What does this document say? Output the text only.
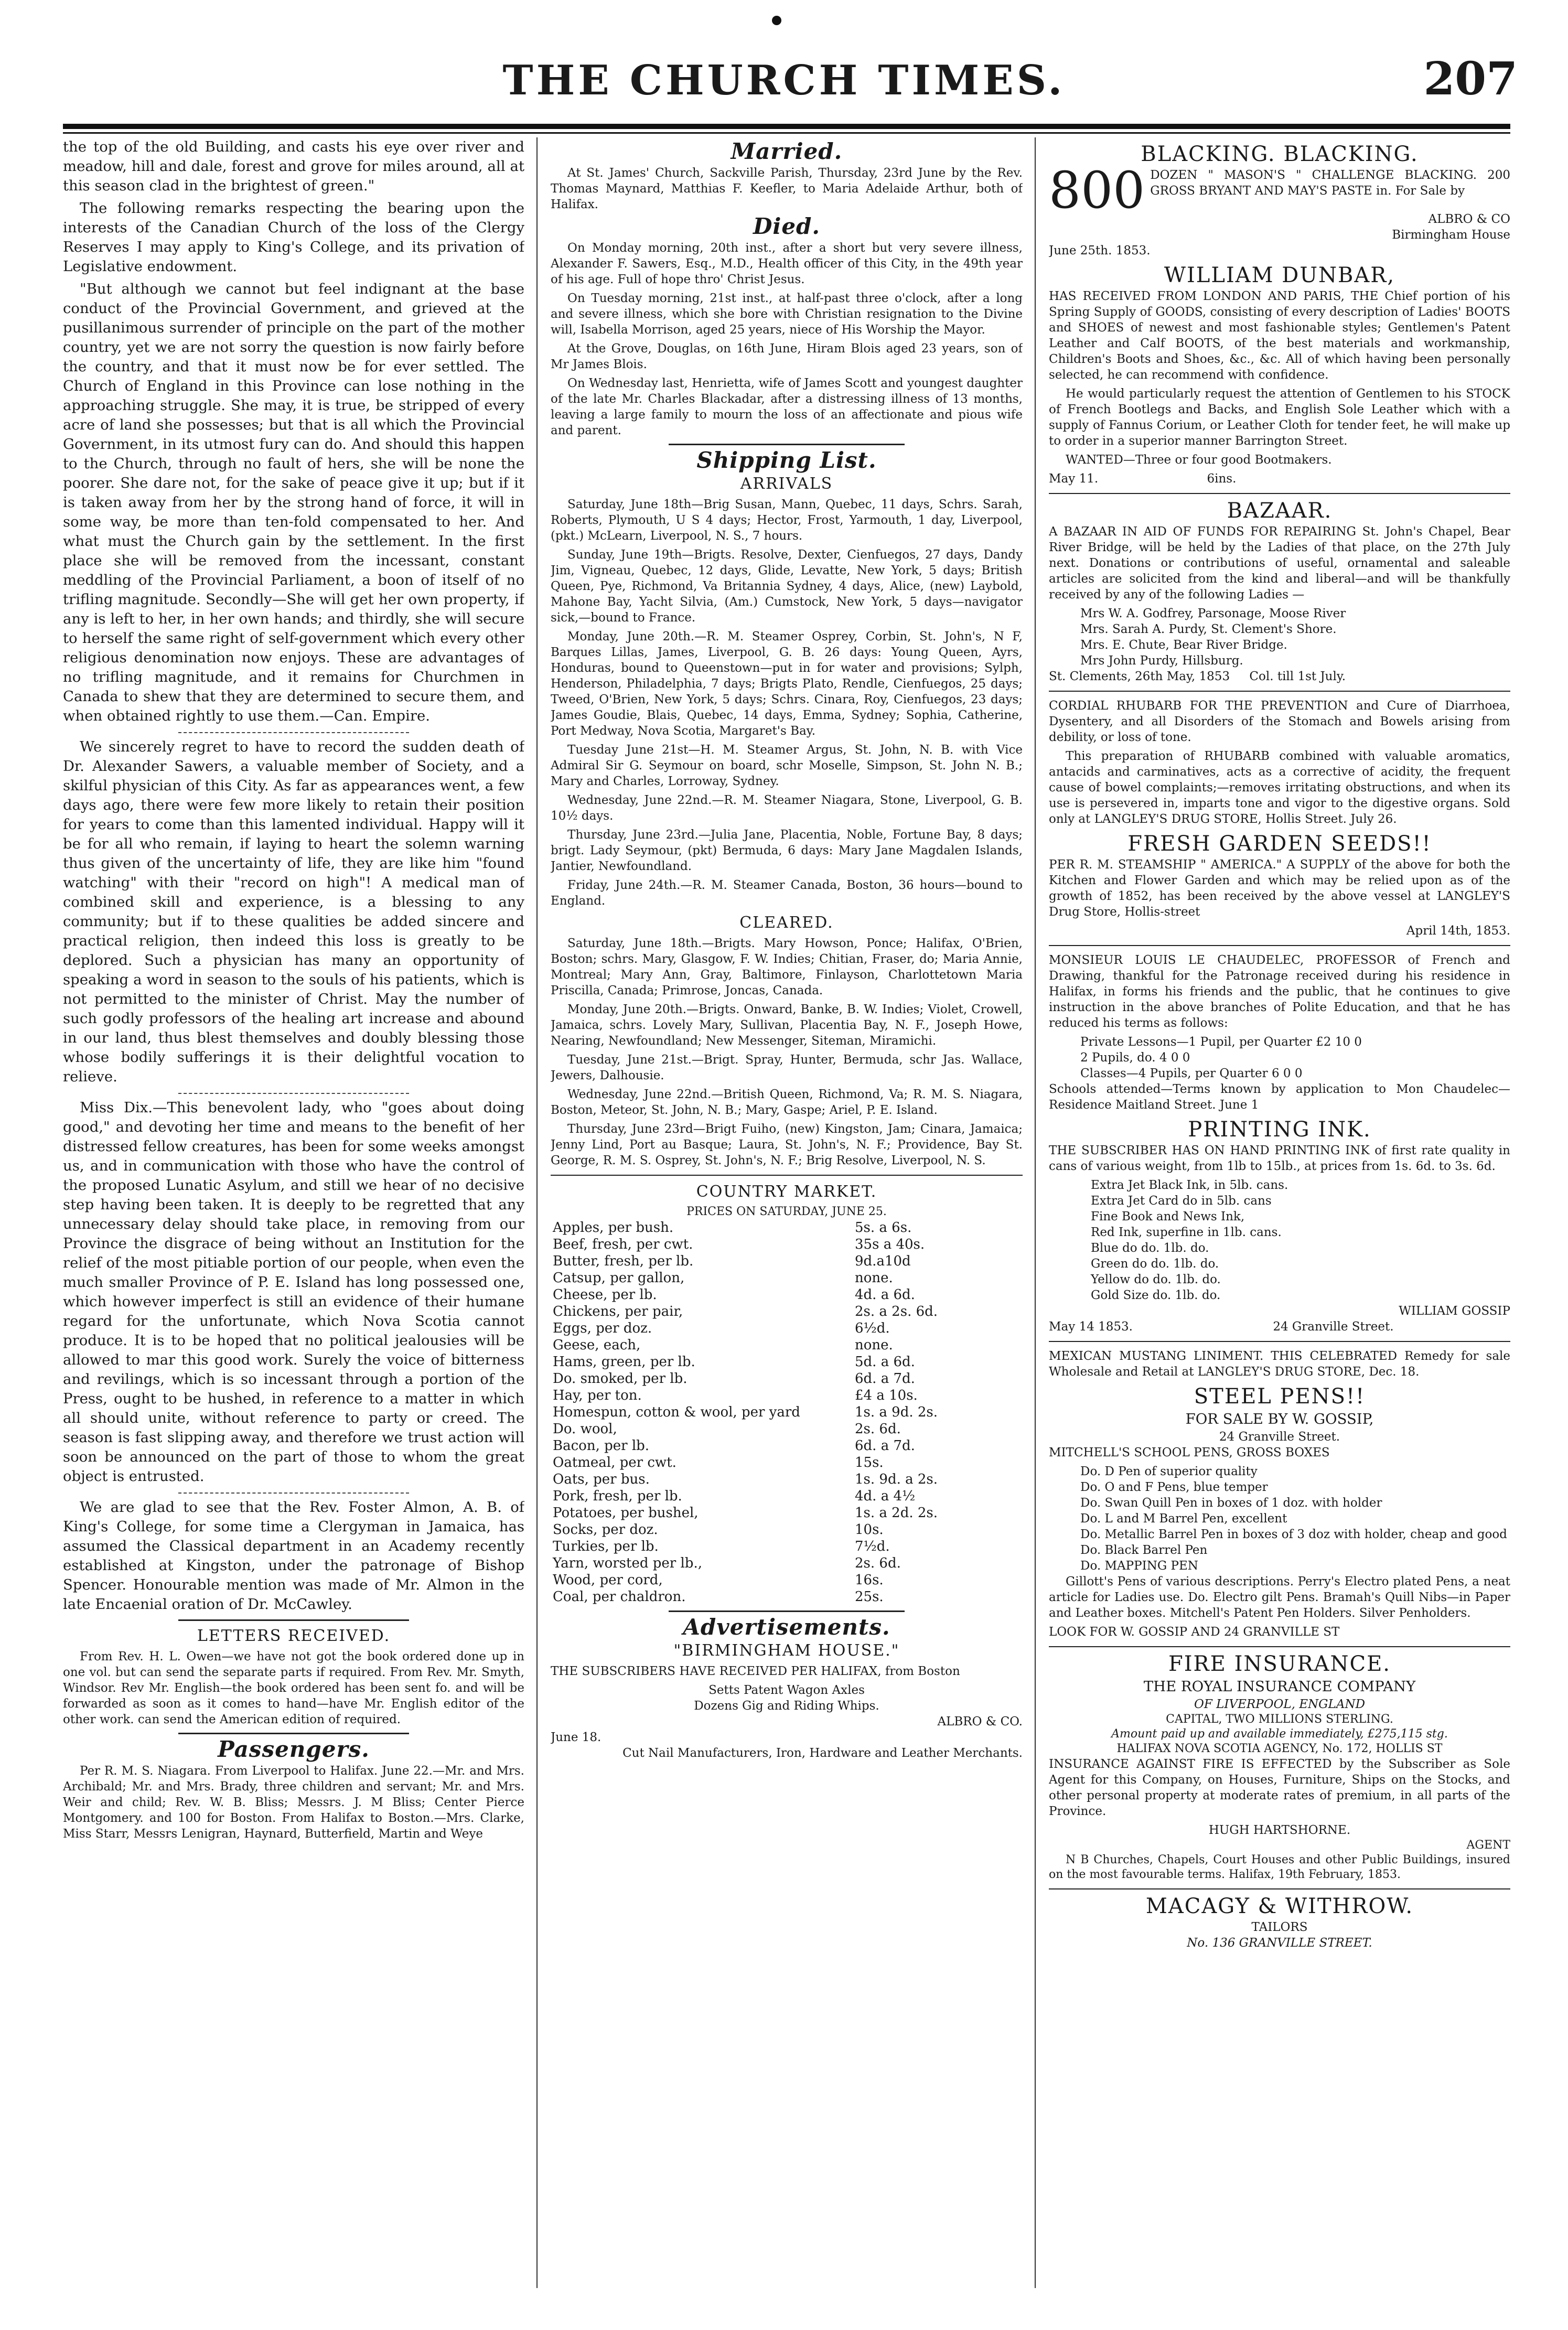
THE CHURCH TIMES.	207

the top of the old Building, and casts his eye over river and meadow, hill and dale, forest and grove for miles around, all at this season clad in the brightest of green."

The following remarks respecting the bearing upon the interests of the Canadian Church of the loss of the Clergy Reserves I may apply to King's College, and its privation of Legislative endowment.

"But although we cannot but feel indignant at the base conduct of the Provincial Government, and grieved at the pusillanimous surrender of principle on the part of the mother country, yet we are not sorry the question is now fairly before the country, and that it must now be for ever settled. The Church of England in this Province can lose nothing in the approaching struggle. She may, it is true, be stripped of every acre of land she possesses; but that is all which the Provincial Government, in its utmost fury can do. And should this happen to the Church, through no fault of hers, she will be none the poorer. She dare not, for the sake of peace give it up; but if it is taken away from her by the strong hand of force, it will in some way, be more than ten-fold compensated to her. And what must the Church gain by the settlement. In the first place she will be removed from the incessant, constant meddling of the Provincial Parliament, a boon of itself of no trifling magnitude. Secondly—She will get her own property, if any is left to her, in her own hands; and thirdly, she will secure to herself the same right of self-government which every other religious denomination now enjoys. These are advantages of no trifling magnitude, and it remains for Churchmen in Canada to shew that they are determined to secure them, and when obtained rightly to use them.—Can. Empire.

We sincerely regret to have to record the sudden death of Dr. Alexander Sawers, a valuable member of Society, and a skilful physician of this City. As far as appearances went, a few days ago, there were few more likely to retain their position for years to come than this lamented individual. Happy will it be for all who remain, if laying to heart the solemn warning thus given of the uncertainty of life, they are like him "found watching" with their "record on high"! A medical man of combined skill and experience, is a blessing to any community; but if to these qualities be added sincere and practical religion, then indeed this loss is greatly to be deplored. Such a physician has many an opportunity of speaking a word in season to the souls of his patients, which is not permitted to the minister of Christ. May the number of such godly professors of the healing art increase and abound in our land, thus blest themselves and doubly blessing those whose bodily sufferings it is their delightful vocation to relieve.

Miss Dix.—This benevolent lady, who "goes about doing good," and devoting her time and means to the benefit of her distressed fellow creatures, has been for some weeks amongst us, and in communication with those who have the control of the proposed Lunatic Asylum, and still we hear of no decisive step having been taken. It is deeply to be regretted that any unnecessary delay should take place, in removing from our Province the disgrace of being without an Institution for the relief of the most pitiable portion of our people, when even the much smaller Province of P. E. Island has long possessed one, which however imperfect is still an evidence of their humane regard for the unfortunate, which Nova Scotia cannot produce. It is to be hoped that no political jealousies will be allowed to mar this good work. Surely the voice of bitterness and revilings, which is so incessant through a portion of the Press, ought to be hushed, in reference to a matter in which all should unite, without reference to party or creed. The season is fast slipping away, and therefore we trust action will soon be announced on the part of those to whom the great object is entrusted.

We are glad to see that the Rev. Foster Almon, A. B. of King's College, for some time a Clergyman in Jamaica, has assumed the Classical department in an Academy recently established at Kingston, under the patronage of Bishop Spencer. Honourable mention was made of Mr. Almon in the late Encaenial oration of Dr. McCawley.

LETTERS RECEIVED.

From Rev. H. L. Owen—we have not got the book ordered done up in one vol. but can send the separate parts if required. From Rev. Mr. Smyth, Windsor. Rev Mr. English—the book ordered has been sent fo. and will be forwarded as soon as it comes to hand—have Mr. English editor of the other work. can send the American edition of required.

Passengers.

Per R. M. S. Niagara. From Liverpool to Halifax. June 22.—Mr. and Mrs. Archibald; Mr. and Mrs. Brady, three children and servant; Mr. and Mrs. Weir and child; Rev. W. B. Bliss; Messrs. J. M Bliss; Center Pierce Montgomery. and 100 for Boston. From Halifax to Boston.—Mrs. Clarke, Miss Starr, Messrs Lenigran, Haynard, Butterfield, Martin and Weye

Married.

At St. James' Church, Sackville Parish, Thursday, 23rd June by the Rev. Thomas Maynard, Matthias F. Keefler, to Maria Adelaide Arthur, both of Halifax.

Died.

On Monday morning, 20th inst., after a short but very severe illness, Alexander F. Sawers, Esq., M.D., Health officer of this City, in the 49th year of his age. Full of hope thro' Christ Jesus.

On Tuesday morning, 21st inst., at half-past three o'clock, after a long and severe illness, which she bore with Christian resignation to the Divine will, Isabella Morrison, aged 25 years, niece of His Worship the Mayor.

At the Grove, Douglas, on 16th June, Hiram Blois aged 23 years, son of Mr James Blois.

On Wednesday last, Henrietta, wife of James Scott and youngest daughter of the late Mr. Charles Blackadar, after a distressing illness of 13 months, leaving a large family to mourn the loss of an affectionate and pious wife and parent.

Shipping List.
ARRIVALS

Saturday, June 18th—Brig Susan, Mann, Quebec, 11 days, Schrs. Sarah, Roberts, Plymouth, U S 4 days; Hector, Frost, Yarmouth, 1 day, Liverpool, (pkt.) McLearn, Liverpool, N. S., 7 hours.

Sunday, June 19th—Brigts. Resolve, Dexter, Cienfuegos, 27 days, Dandy Jim, Vigneau, Quebec, 12 days, Glide, Levatte, New York, 5 days; British Queen, Pye, Richmond, Va Britannia Sydney, 4 days, Alice, (new) Laybold, Mahone Bay, Yacht Silvia, (Am.) Cumstock, New York, 5 days—navigator sick,—bound to France.

Monday, June 20th.—R. M. Steamer Osprey, Corbin, St. John's, N F, Barques Lillas, James, Liverpool, G. B. 26 days: Young Queen, Ayrs, Honduras, bound to Queenstown—put in for water and provisions; Sylph, Henderson, Philadelphia, 7 days; Brigts Plato, Rendle, Cienfuegos, 25 days; Tweed, O'Brien, New York, 5 days; Schrs. Cinara, Roy, Cienfuegos, 23 days; James Goudie, Blais, Quebec, 14 days, Emma, Sydney; Sophia, Catherine, Port Medway, Nova Scotia, Margaret's Bay.

Tuesday June 21st—H. M. Steamer Argus, St. John, N. B. with Vice Admiral Sir G. Seymour on board, schr Moselle, Simpson, St. John N. B.; Mary and Charles, Lorroway, Sydney.

Wednesday, June 22nd.—R. M. Steamer Niagara, Stone, Liverpool, G. B. 10½ days.

Thursday, June 23rd.—Julia Jane, Placentia, Noble, Fortune Bay, 8 days; brigt. Lady Seymour, (pkt) Bermuda, 6 days: Mary Jane Magdalen Islands, Jantier, Newfoundland.

Friday, June 24th.—R. M. Steamer Canada, Boston, 36 hours—bound to England.

CLEARED.

Saturday, June 18th.—Brigts. Mary Howson, Ponce; Halifax, O'Brien, Boston; schrs. Mary, Glasgow, F. W. Indies; Chitian, Fraser, do; Maria Annie, Montreal; Mary Ann, Gray, Baltimore, Finlayson, Charlottetown Maria Priscilla, Canada; Primrose, Joncas, Canada.

Monday, June 20th.—Brigts. Onward, Banke, B. W. Indies; Violet, Crowell, Jamaica, schrs. Lovely Mary, Sullivan, Placentia Bay, N. F., Joseph Howe, Nearing, Newfoundland; New Messenger, Siteman, Miramichi.

Tuesday, June 21st.—Brigt. Spray, Hunter, Bermuda, schr Jas. Wallace, Jewers, Dalhousie.

Wednesday, June 22nd.—British Queen, Richmond, Va; R. M. S. Niagara, Boston, Meteor, St. John, N. B.; Mary, Gaspe; Ariel, P. E. Island.

Thursday, June 23rd—Brigt Fuiho, (new) Kingston, Jam; Cinara, Jamaica; Jenny Lind, Port au Basque; Laura, St. John's, N. F.; Providence, Bay St. George, R. M. S. Osprey, St. John's, N. F.; Brig Resolve, Liverpool, N. S.

COUNTRY MARKET.
PRICES ON SATURDAY, JUNE 25.
Apples, per bush.	5s. a 6s.
Beef, fresh, per cwt.	35s a 40s.
Butter, fresh, per lb.	9d.a10d
Catsup, per gallon,	none.
Cheese, per lb.	4d. a 6d.
Chickens, per pair,	2s. a 2s. 6d.
Eggs, per doz.	6½d.
Geese, each,	none.
Hams, green, per lb.	5d. a 6d.
Do. smoked, per lb.	6d. a 7d.
Hay, per ton.	£4 a 10s.
Homespun, cotton & wool, per yard	1s. a 9d. 2s.
Do. wool,	2s. 6d.
Bacon, per lb.	6d. a 7d.
Oatmeal, per cwt.	15s.
Oats, per bus.	1s. 9d. a 2s.
Pork, fresh, per lb.	4d. a 4½
Potatoes, per bushel,	1s. a 2d. 2s.
Socks, per doz.	10s.
Turkies, per lb.	7½d.
Yarn, worsted per lb.,	2s. 6d.
Wood, per cord,	16s.
Coal, per chaldron.	25s.
Advertisements.
"BIRMINGHAM HOUSE."

THE SUBSCRIBERS HAVE RECEIVED PER HALIFAX, from Boston

Setts Patent Wagon Axles
Dozens Gig and Riding Whips.
ALBRO & CO.
June 18.
Cut Nail Manufacturers, Iron, Hardware and Leather Merchants.
BLACKING. BLACKING.
800 DOZEN " MASON'S " CHALLENGE BLACKING. 200 GROSS BRYANT AND MAY'S PASTE in. For Sale by

ALBRO & CO
Birmingham House
June 25th. 1853.
WILLIAM DUNBAR,

HAS RECEIVED FROM LONDON AND PARIS, THE Chief portion of his Spring Supply of GOODS, consisting of every description of Ladies' BOOTS and SHOES of newest and most fashionable styles; Gentlemen's Patent Leather and Calf BOOTS, of the best materials and workmanship, Children's Boots and Shoes, &c., &c. All of which having been personally selected, he can recommend with confidence.

He would particularly request the attention of Gentlemen to his STOCK of French Bootlegs and Backs, and English Sole Leather which with a supply of Fannus Corium, or Leather Cloth for tender feet, he will make up to order in a superior manner Barrington Street.

WANTED—Three or four good Bootmakers.

May 11.	6ins.
BAZAAR.

A BAZAAR IN AID OF FUNDS FOR REPAIRING St. John's Chapel, Bear River Bridge, will be held by the Ladies of that place, on the 27th July next. Donations or contributions of useful, ornamental and saleable articles are solicited from the kind and liberal—and will be thankfully received by any of the following Ladies —

Mrs W. A. Godfrey, Parsonage, Moose River
Mrs. Sarah A. Purdy, St. Clement's Shore.
Mrs. E. Chute, Bear River Bridge.
Mrs John Purdy, Hillsburg.
St. Clements, 26th May, 1853 Col. till 1st July.

CORDIAL RHUBARB FOR THE PREVENTION and Cure of Diarrhoea, Dysentery, and all Disorders of the Stomach and Bowels arising from debility, or loss of tone.

This preparation of RHUBARB combined with valuable aromatics, antacids and carminatives, acts as a corrective of acidity, the frequent cause of bowel complaints;—removes irritating obstructions, and when its use is persevered in, imparts tone and vigor to the digestive organs. Sold only at LANGLEY'S DRUG STORE, Hollis Street. July 26.

FRESH GARDEN SEEDS!!

PER R. M. STEAMSHIP " AMERICA." A SUPPLY of the above for both the Kitchen and Flower Garden and which may be relied upon as of the growth of 1852, has been received by the above vessel at LANGLEY'S Drug Store, Hollis-street

April 14th, 1853.

MONSIEUR LOUIS LE CHAUDELEC, PROFESSOR of French and Drawing, thankful for the Patronage received during his residence in Halifax, in forms his friends and the public, that he continues to give instruction in the above branches of Polite Education, and that he has reduced his terms as follows:

Private Lessons—1 Pupil, per Quarter £2 10 0
2 Pupils, do. 4 0 0
Classes—4 Pupils, per Quarter 6 0 0

Schools attended—Terms known by application to Mon Chaudelec—Residence Maitland Street. June 1

PRINTING INK.

THE SUBSCRIBER HAS ON HAND PRINTING INK of first rate quality in cans of various weight, from 1lb to 15lb., at prices from 1s. 6d. to 3s. 6d.

Extra Jet Black Ink, in 5lb. cans.
Extra Jet Card do in 5lb. cans
Fine Book and News Ink,
Red Ink, superfine in 1lb. cans.
Blue do do. 1lb. do.
Green do do. 1lb. do.
Yellow do do. 1lb. do.
Gold Size do. 1lb. do.
WILLIAM GOSSIP
May 14 1853.	24 Granville Street.

MEXICAN MUSTANG LINIMENT. THIS CELEBRATED Remedy for sale Wholesale and Retail at LANGLEY'S DRUG STORE, Dec. 18.

STEEL PENS!!
FOR SALE BY W. GOSSIP,
24 Granville Street.

MITCHELL'S SCHOOL PENS, GROSS BOXES

Do. D Pen of superior quality
Do. O and F Pens, blue temper
Do. Swan Quill Pen in boxes of 1 doz. with holder
Do. L and M Barrel Pen, excellent
Do. Metallic Barrel Pen in boxes of 3 doz with holder, cheap and good
Do. Black Barrel Pen
Do. MAPPING PEN

Gillott's Pens of various descriptions. Perry's Electro plated Pens, a neat article for Ladies use. Do. Electro gilt Pens. Bramah's Quill Nibs—in Paper and Leather boxes. Mitchell's Patent Pen Holders. Silver Penholders.

LOOK FOR W. GOSSIP AND 24 GRANVILLE ST
FIRE INSURANCE.
THE ROYAL INSURANCE COMPANY
OF LIVERPOOL, ENGLAND
CAPITAL, TWO MILLIONS STERLING.
Amount paid up and available immediately, £275,115 stg.
HALIFAX NOVA SCOTIA AGENCY, No. 172, HOLLIS ST

INSURANCE AGAINST FIRE IS EFFECTED by the Subscriber as Sole Agent for this Company, on Houses, Furniture, Ships on the Stocks, and other personal property at moderate rates of premium, in all parts of the Province.

HUGH HARTSHORNE.
AGENT

N B Churches, Chapels, Court Houses and other Public Buildings, insured on the most favourable terms. Halifax, 19th February, 1853.

MACAGY & WITHROW.
TAILORS
No. 136 GRANVILLE STREET.
